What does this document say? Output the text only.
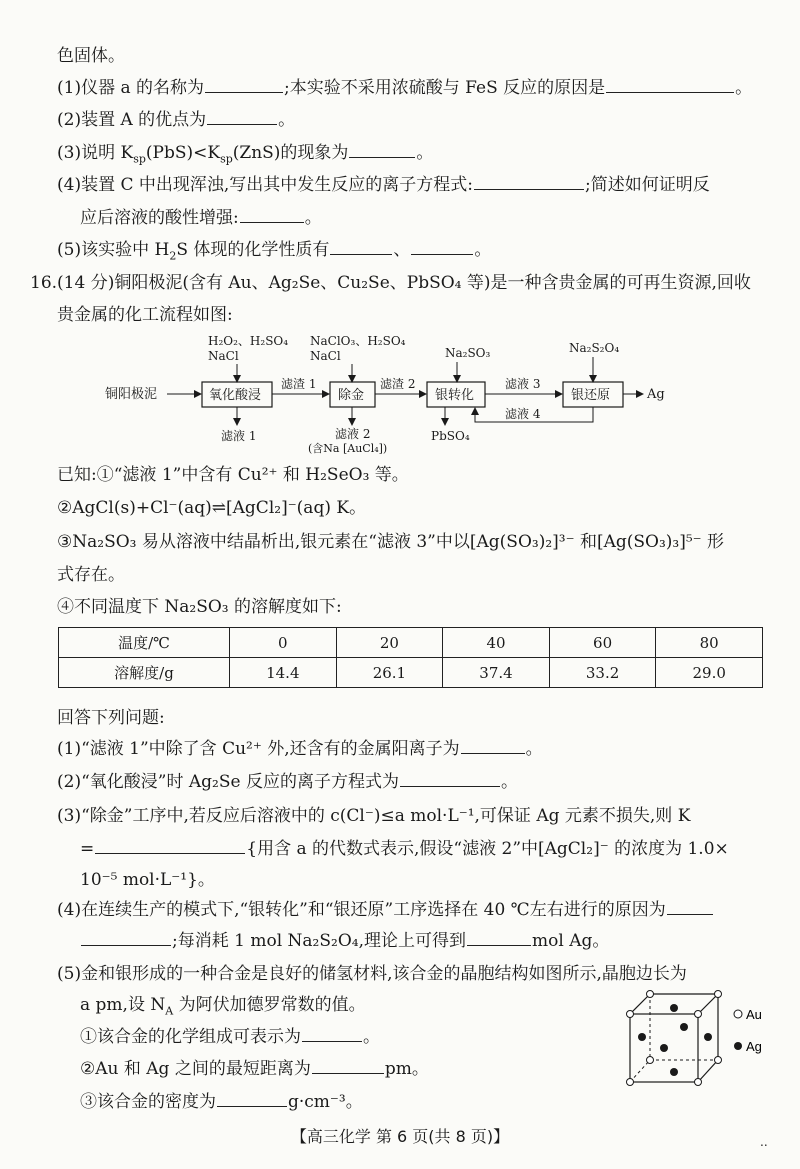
色固体。
(1)仪器 a 的名称为	;本实验不采用浓硫酸与 FeS 反应的原因是	。
(2)装置 A 的优点为	。
(3)说明 $K_{sp}(PbS)<K_{sp}(ZnS)$的现象为	。
(4)装置 C 中出现浑浊,写出其中发生反应的离子方程式:	;简述如何证明反
应后溶液的酸性增强:	。
(5)该实验中 $H_2S$ 体现的化学性质有	、	。
16.(14 分)铜阳极泥(含有 Au、Ag₂Se、Cu₂Se、PbSO₄ 等)是一种含贵金属的可再生资源,回收
贵金属的化工流程如图:
H₂O₂、H₂SO₄
NaCl
NaClO₃、H₂SO₄
NaCl	Na₂SO₃	Na₂S₂O₄
铜阳极泥	氧化酸浸	除金	银转化	银还原
滤渣 1	滤渣 2	滤液 3
Ag
滤液 4
滤液 1	滤液 2
(含Na [AuCl₄])
PbSO₄
已知:①“滤液 1”中含有 Cu²⁺ 和 H₂SeO₃ 等。
②AgCl(s)+Cl⁻(aq)⇌[AgCl₂]⁻(aq) K。
③Na₂SO₃ 易从溶液中结晶析出,银元素在“滤液 3”中以[Ag(SO₃)₂]³⁻ 和[Ag(SO₃)₃]⁵⁻ 形
式存在。
④不同温度下 Na₂SO₃ 的溶解度如下:
温度/℃	0	20	40	60	80
溶解度/g	14.4	26.1	37.4	33.2	29.0
回答下列问题:
(1)“滤液 1”中除了含 Cu²⁺ 外,还含有的金属阳离子为	。
(2)“氧化酸浸”时 Ag₂Se 反应的离子方程式为	。
(3)“除金”工序中,若反应后溶液中的 c(Cl⁻)≤a mol·L⁻¹,可保证 Ag 元素不损失,则 K
=	{用含 a 的代数式表示,假设“滤液 2”中[AgCl₂]⁻ 的浓度为 1.0×
10⁻⁵ mol·L⁻¹}。
(4)在连续生产的模式下,“银转化”和“银还原”工序选择在 40 ℃左右进行的原因为
;每消耗 1 mol Na₂S₂O₄,理论上可得到	mol Ag。
(5)金和银形成的一种合金是良好的储氢材料,该合金的晶胞结构如图所示,晶胞边长为
a pm,设 $N_A$ 为阿伏加德罗常数的值。
①该合金的化学组成可表示为	。
②Au 和 Ag 之间的最短距离为	pm。
③该合金的密度为	g·cm⁻³。
Au
Ag
【高三化学 第 6 页(共 8 页)】	..
